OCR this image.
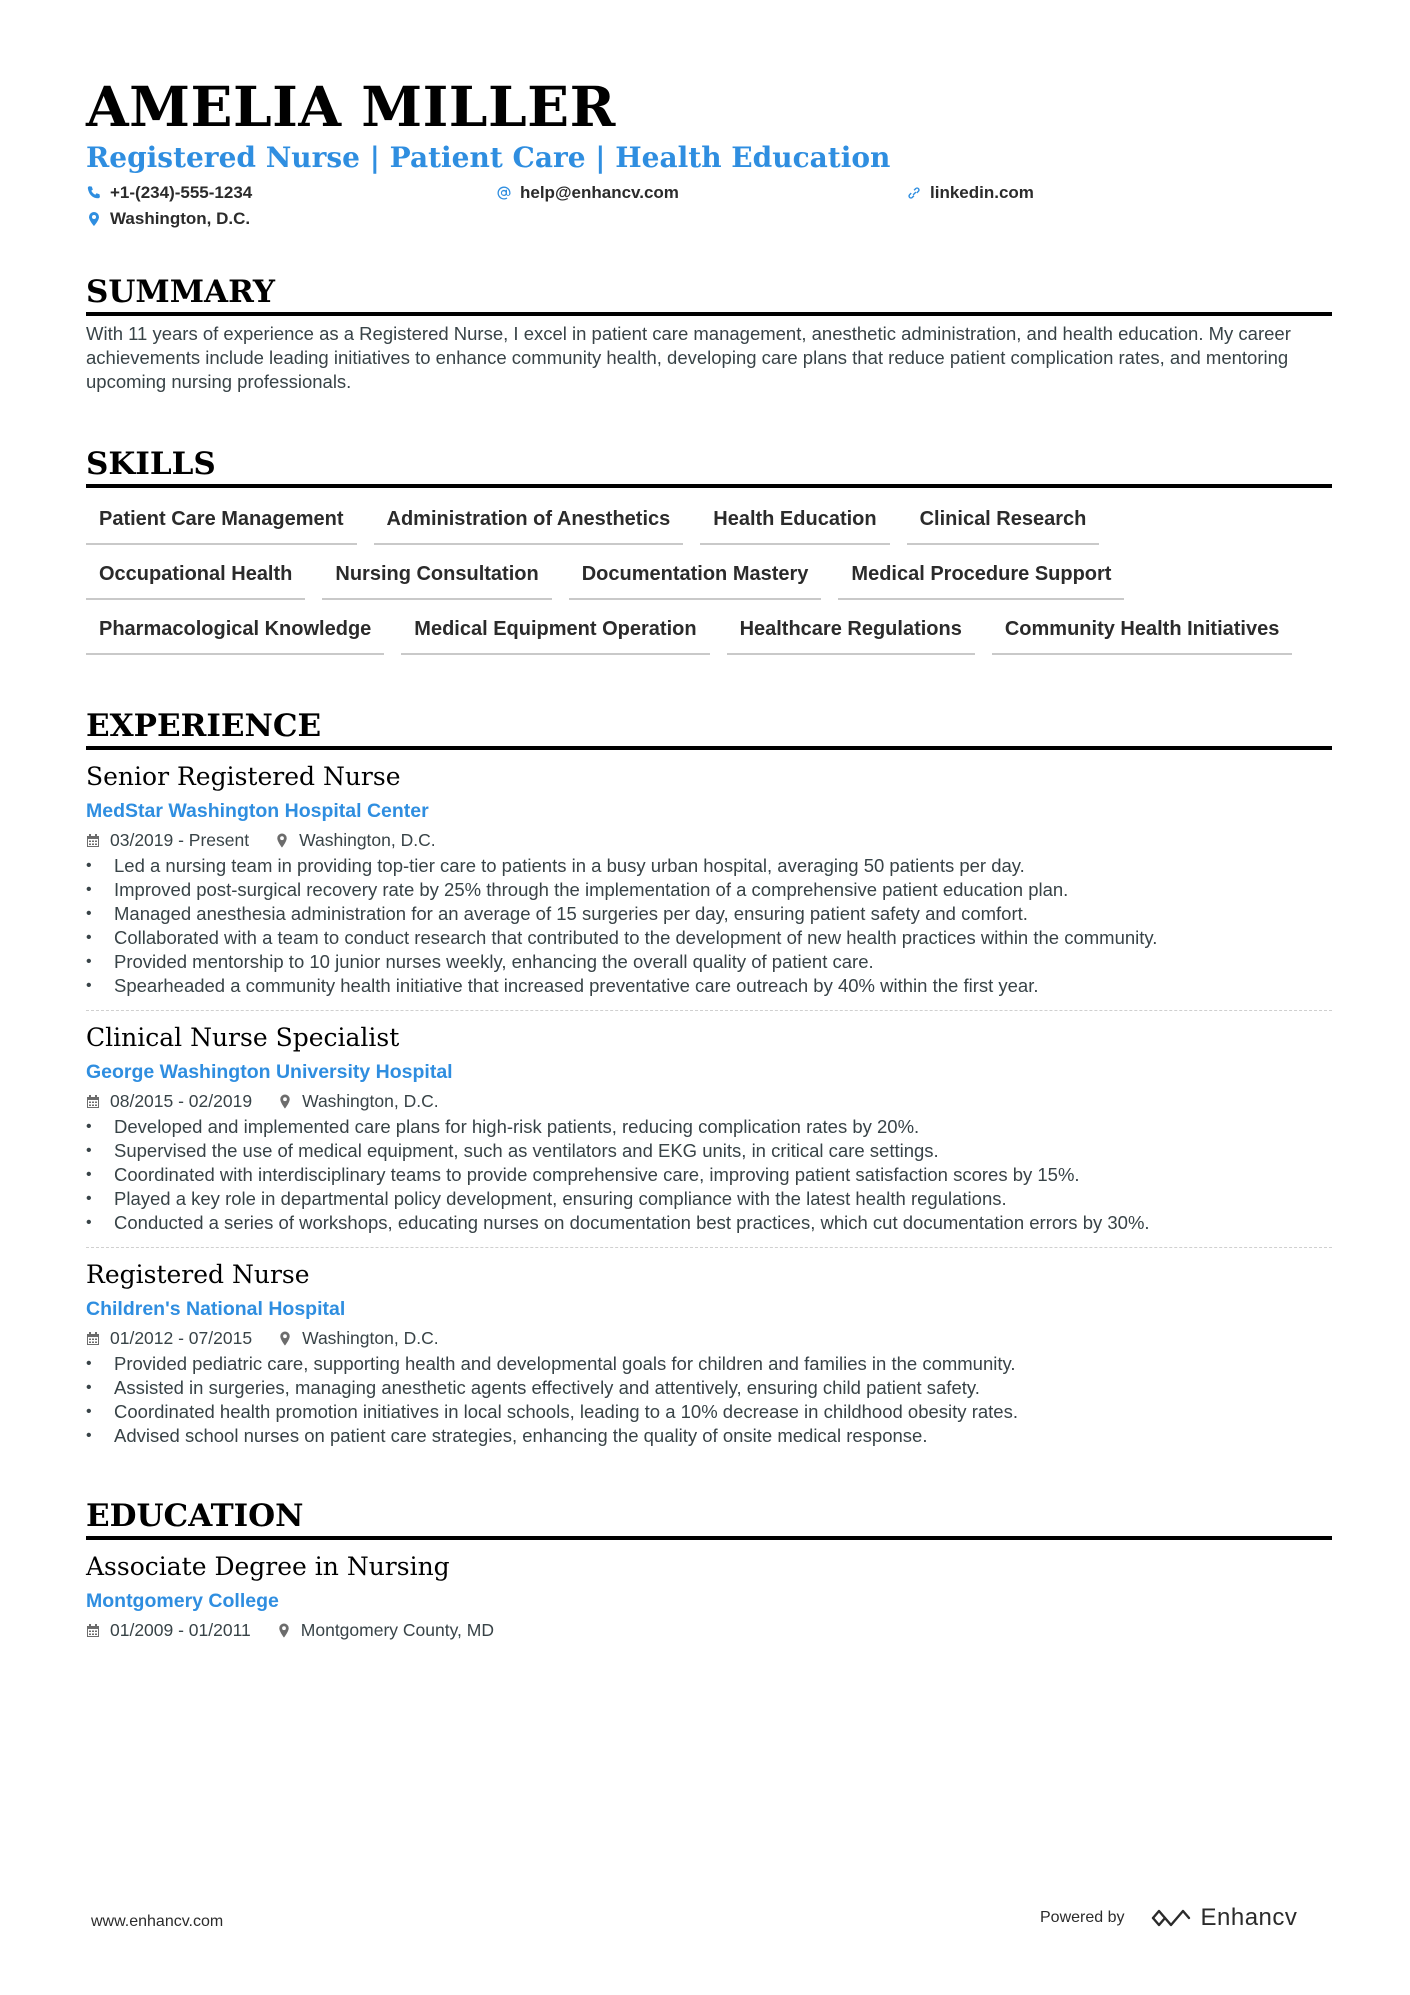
AMELIA MILLER
Registered Nurse | Patient Care | Health Education
+1-(234)-555-1234	help@enhancv.com	linkedin.com
Washington, D.C.
SUMMARY
With 11 years of experience as a Registered Nurse, I excel in patient care management, anesthetic administration, and health education. My career achievements include leading initiatives to enhance community health, developing care plans that reduce patient complication rates, and mentoring upcoming nursing professionals.
SKILLS
Patient Care Management	Administration of Anesthetics	Health Education	Clinical Research
Occupational Health	Nursing Consultation	Documentation Mastery	Medical Procedure Support
Pharmacological Knowledge	Medical Equipment Operation	Healthcare Regulations	Community Health Initiatives
EXPERIENCE
Senior Registered Nurse
MedStar Washington Hospital Center
03/2019 - Present	Washington, D.C.
• Led a nursing team in providing top-tier care to patients in a busy urban hospital, averaging 50 patients per day.
• Improved post-surgical recovery rate by 25% through the implementation of a comprehensive patient education plan.
• Managed anesthesia administration for an average of 15 surgeries per day, ensuring patient safety and comfort.
• Collaborated with a team to conduct research that contributed to the development of new health practices within the community.
• Provided mentorship to 10 junior nurses weekly, enhancing the overall quality of patient care.
• Spearheaded a community health initiative that increased preventative care outreach by 40% within the first year.
Clinical Nurse Specialist
George Washington University Hospital
08/2015 - 02/2019	Washington, D.C.
• Developed and implemented care plans for high-risk patients, reducing complication rates by 20%.
• Supervised the use of medical equipment, such as ventilators and EKG units, in critical care settings.
• Coordinated with interdisciplinary teams to provide comprehensive care, improving patient satisfaction scores by 15%.
• Played a key role in departmental policy development, ensuring compliance with the latest health regulations.
• Conducted a series of workshops, educating nurses on documentation best practices, which cut documentation errors by 30%.
Registered Nurse
Children's National Hospital
01/2012 - 07/2015	Washington, D.C.
• Provided pediatric care, supporting health and developmental goals for children and families in the community.
• Assisted in surgeries, managing anesthetic agents effectively and attentively, ensuring child patient safety.
• Coordinated health promotion initiatives in local schools, leading to a 10% decrease in childhood obesity rates.
• Advised school nurses on patient care strategies, enhancing the quality of onsite medical response.
EDUCATION
Associate Degree in Nursing
Montgomery College
01/2009 - 01/2011	Montgomery County, MD
www.enhancv.com	Powered by	Enhancv
